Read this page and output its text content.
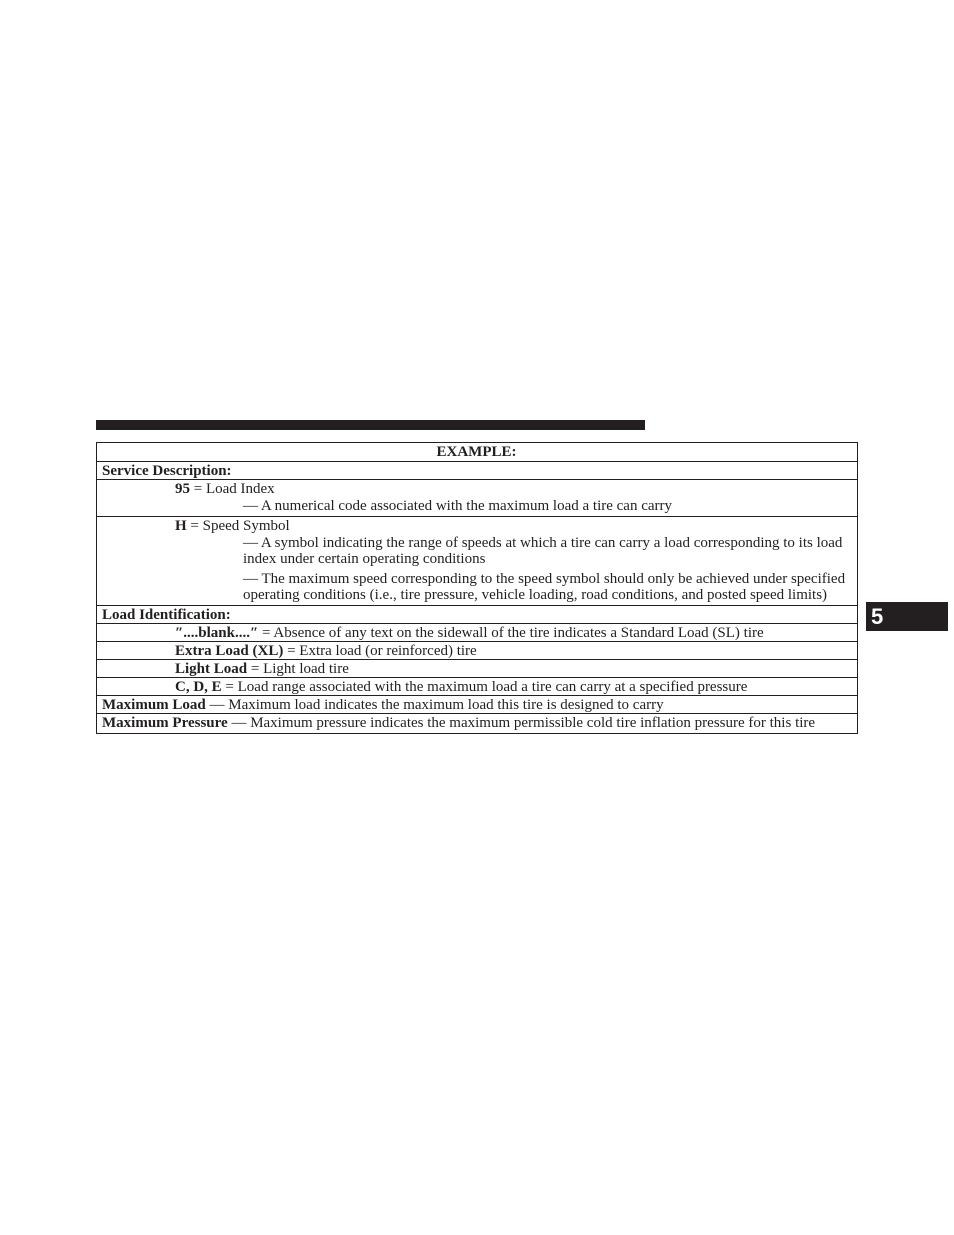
EXAMPLE:
Service Description:
95 = Load Index
— A numerical code associated with the maximum load a tire can carry
H = Speed Symbol
— A symbol indicating the range of speeds at which a tire can carry a load corresponding to its load index under certain operating conditions
— The maximum speed corresponding to the speed symbol should only be achieved under specified operating conditions (i.e., tire pressure, vehicle loading, road conditions, and posted speed limits)
Load Identification:
″....blank....″ = Absence of any text on the sidewall of the tire indicates a Standard Load (SL) tire
Extra Load (XL) = Extra load (or reinforced) tire
Light Load = Light load tire
C, D, E = Load range associated with the maximum load a tire can carry at a specified pressure
Maximum Load — Maximum load indicates the maximum load this tire is designed to carry
Maximum Pressure — Maximum pressure indicates the maximum permissible cold tire inflation pressure for this tire
5
